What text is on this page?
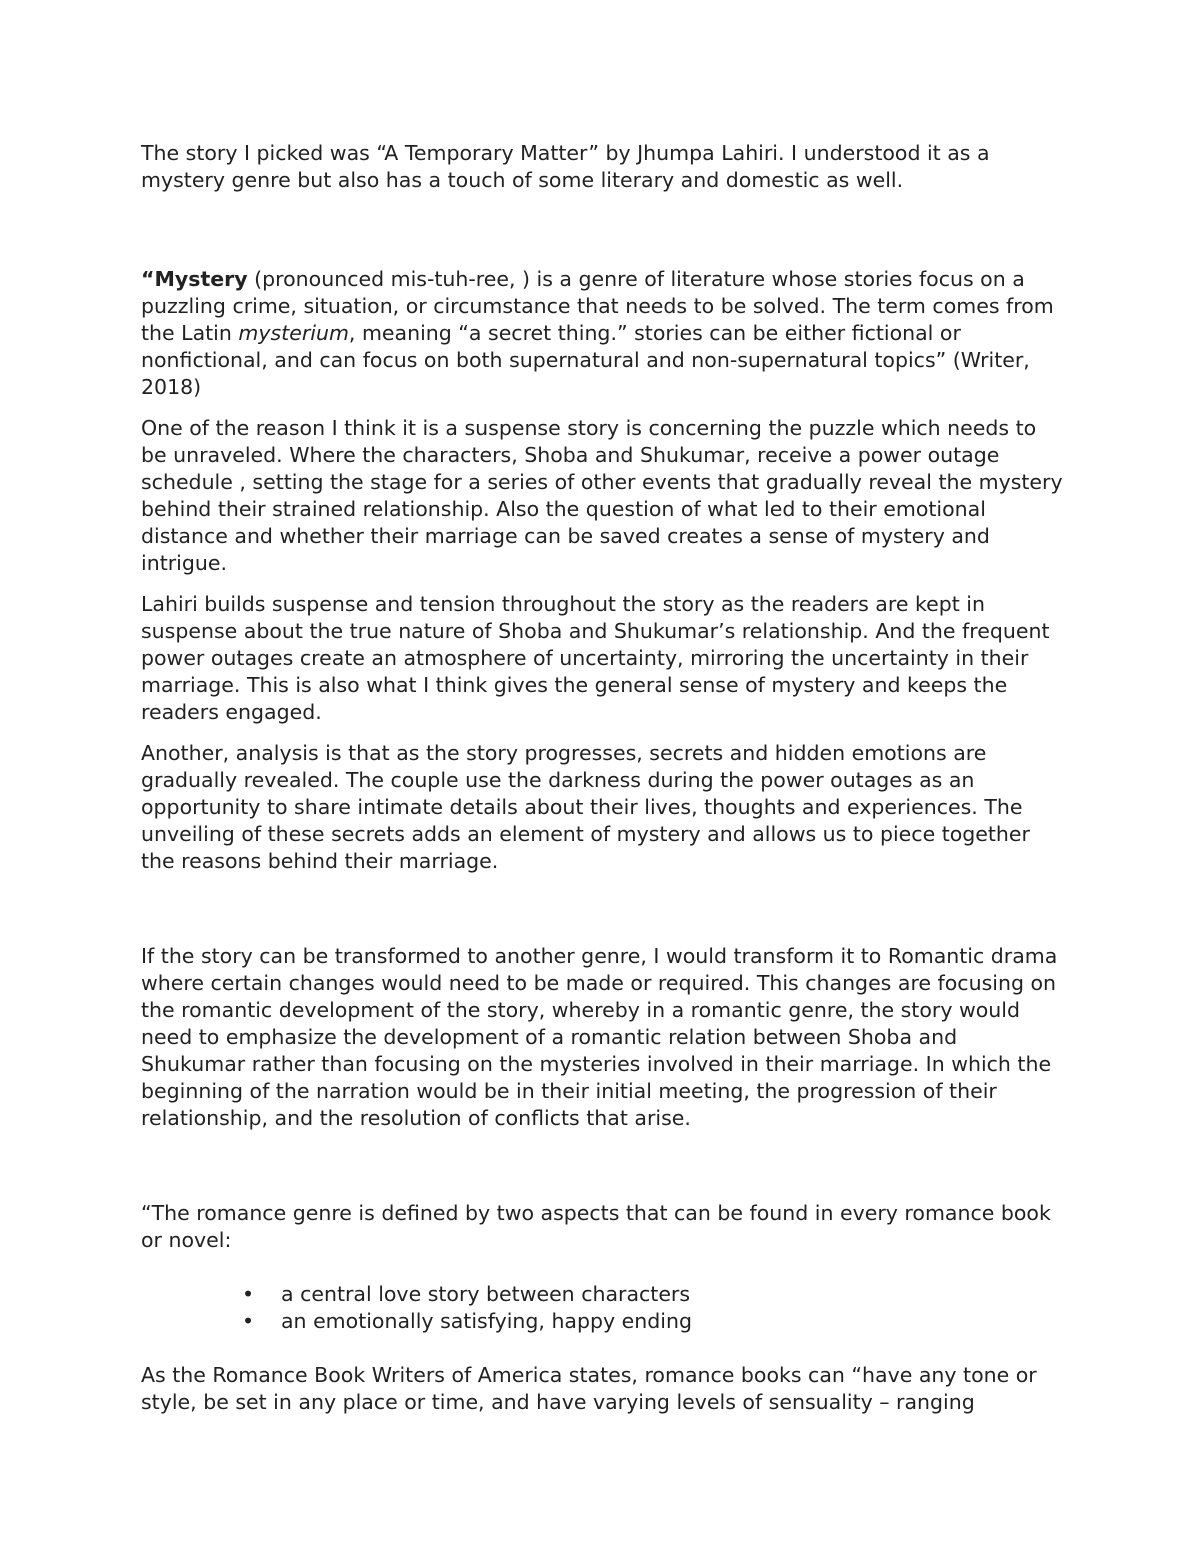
The story I picked was “A Temporary Matter” by Jhumpa Lahiri. I understood it as a mystery genre but also has a touch of some literary and domestic as well.

“Mystery (pronounced mis-tuh-ree, ) is a genre of literature whose stories focus on a puzzling crime, situation, or circumstance that needs to be solved. The term comes from the Latin mysterium, meaning “a secret thing.” stories can be either fictional or nonfictional, and can focus on both supernatural and non-supernatural topics” (Writer, 2018)

One of the reason I think it is a suspense story is concerning the puzzle which needs to be unraveled. Where the characters, Shoba and Shukumar, receive a power outage schedule , setting the stage for a series of other events that gradually reveal the mystery behind their strained relationship. Also the question of what led to their emotional distance and whether their marriage can be saved creates a sense of mystery and intrigue.

Lahiri builds suspense and tension throughout the story as the readers are kept in suspense about the true nature of Shoba and Shukumar’s relationship. And the frequent power outages create an atmosphere of uncertainty, mirroring the uncertainty in their marriage. This is also what I think gives the general sense of mystery and keeps the readers engaged.

Another, analysis is that as the story progresses, secrets and hidden emotions are gradually revealed. The couple use the darkness during the power outages as an opportunity to share intimate details about their lives, thoughts and experiences. The unveiling of these secrets adds an element of mystery and allows us to piece together the reasons behind their marriage.

If the story can be transformed to another genre, I would transform it to Romantic drama where certain changes would need to be made or required. This changes are focusing on the romantic development of the story, whereby in a romantic genre, the story would need to emphasize the development of a romantic relation between Shoba and Shukumar rather than focusing on the mysteries involved in their marriage. In which the beginning of the narration would be in their initial meeting, the progression of their relationship, and the resolution of conflicts that arise.

“The romance genre is defined by two aspects that can be found in every romance book or novel:

• a central love story between characters
• an emotionally satisfying, happy ending

As the Romance Book Writers of America states, romance books can “have any tone or style, be set in any place or time, and have varying levels of sensuality – ranging
